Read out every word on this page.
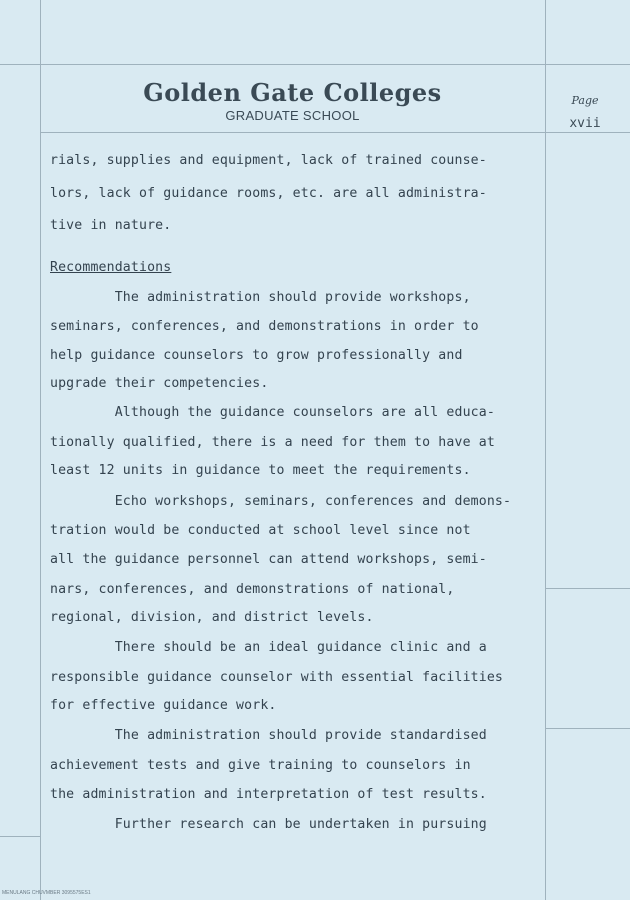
Golden Gate Colleges
GRADUATE SCHOOL
Page
xvii
rials, supplies and equipment, lack of trained counse-
lors, lack of guidance rooms, etc. are all administra-
tive in nature.
Recommendations
The administration should provide workshops,
seminars, conferences, and demonstrations in order to
help guidance counselors to grow professionally and
upgrade their competencies.
Although the guidance counselors are all educa-
tionally qualified, there is a need for them to have at
least 12 units in guidance to meet the requirements.
Echo workshops, seminars, conferences and demons-
tration would be conducted at school level since not
all the guidance personnel can attend workshops, semi-
nars, conferences, and demonstrations of national,
regional, division, and district levels.
There should be an ideal guidance clinic and a
responsible guidance counselor with essential facilities
for effective guidance work.
The administration should provide standardised
achievement tests and give training to counselors in
the administration and interpretation of test results.
Further research can be undertaken in pursuing
MENULANG CHUVMBER 3095575ES1
